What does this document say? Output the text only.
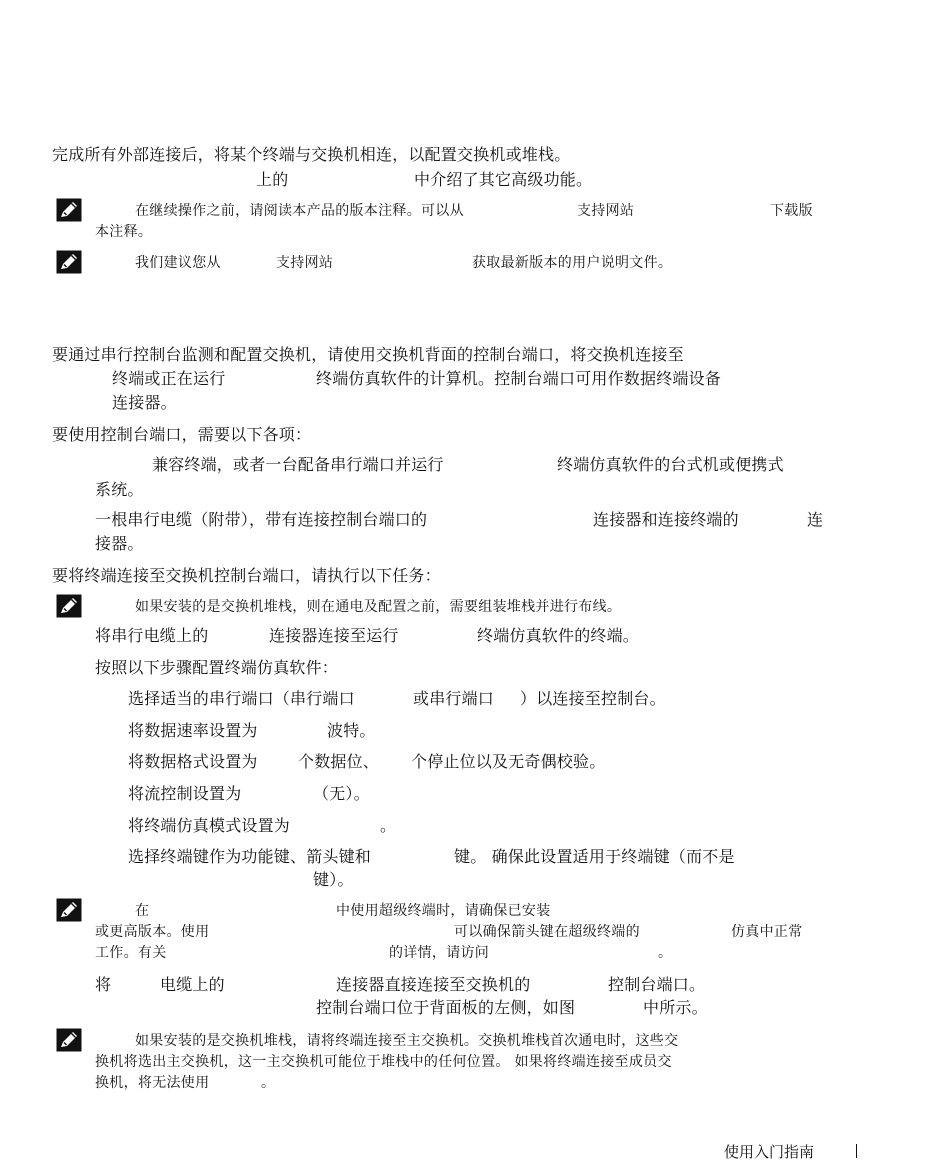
完成所有外部连接后，将某个终端与交换机相连，以配置交换机或堆栈。
上的	中介绍了其它高级功能。
在继续操作之前，请阅读本产品的版本注释。可以从	支持网站	下载版
本注释。
我们建议您从	支持网站	获取最新版本的用户说明文件。
要通过串行控制台监测和配置交换机，请使用交换机背面的控制台端口，将交换机连接至
终端或正在运行	终端仿真软件的计算机。控制台端口可用作数据终端设备
连接器。
要使用控制台端口，需要以下各项：
兼容终端，或者一台配备串行端口并运行	终端仿真软件的台式机或便携式
系统。
一根串行电缆（附带），带有连接控制台端口的	连接器和连接终端的	连
接器。
要将终端连接至交换机控制台端口，请执行以下任务：
如果安装的是交换机堆栈，则在通电及配置之前，需要组装堆栈并进行布线。
将串行电缆上的	连接器连接至运行	终端仿真软件的终端。
按照以下步骤配置终端仿真软件：
选择适当的串行端口（串行端口	或串行端口 ）以连接至控制台。
将数据速率设置为	波特。
将数据格式设置为	个数据位、 个停止位以及无奇偶校验。
将流控制设置为	（无）。
将终端仿真模式设置为	。
选择终端键作为功能键、箭头键和	键。 确保此设置适用于终端键（而不是
键）。
在	中使用超级终端时，请确保已安装
或更高版本。使用	可以确保箭头键在超级终端的	仿真中正常
工作。有关	的详情，请访问	。
将	电缆上的	连接器直接连接至交换机的	控制台端口。
控制台端口位于背面板的左侧，如图	中所示。
如果安装的是交换机堆栈，请将终端连接至主交换机。交换机堆栈首次通电时，这些交
换机将选出主交换机，这一主交换机可能位于堆栈中的任何位置。 如果将终端连接至成员交
换机，将无法使用	。
使用入门指南
